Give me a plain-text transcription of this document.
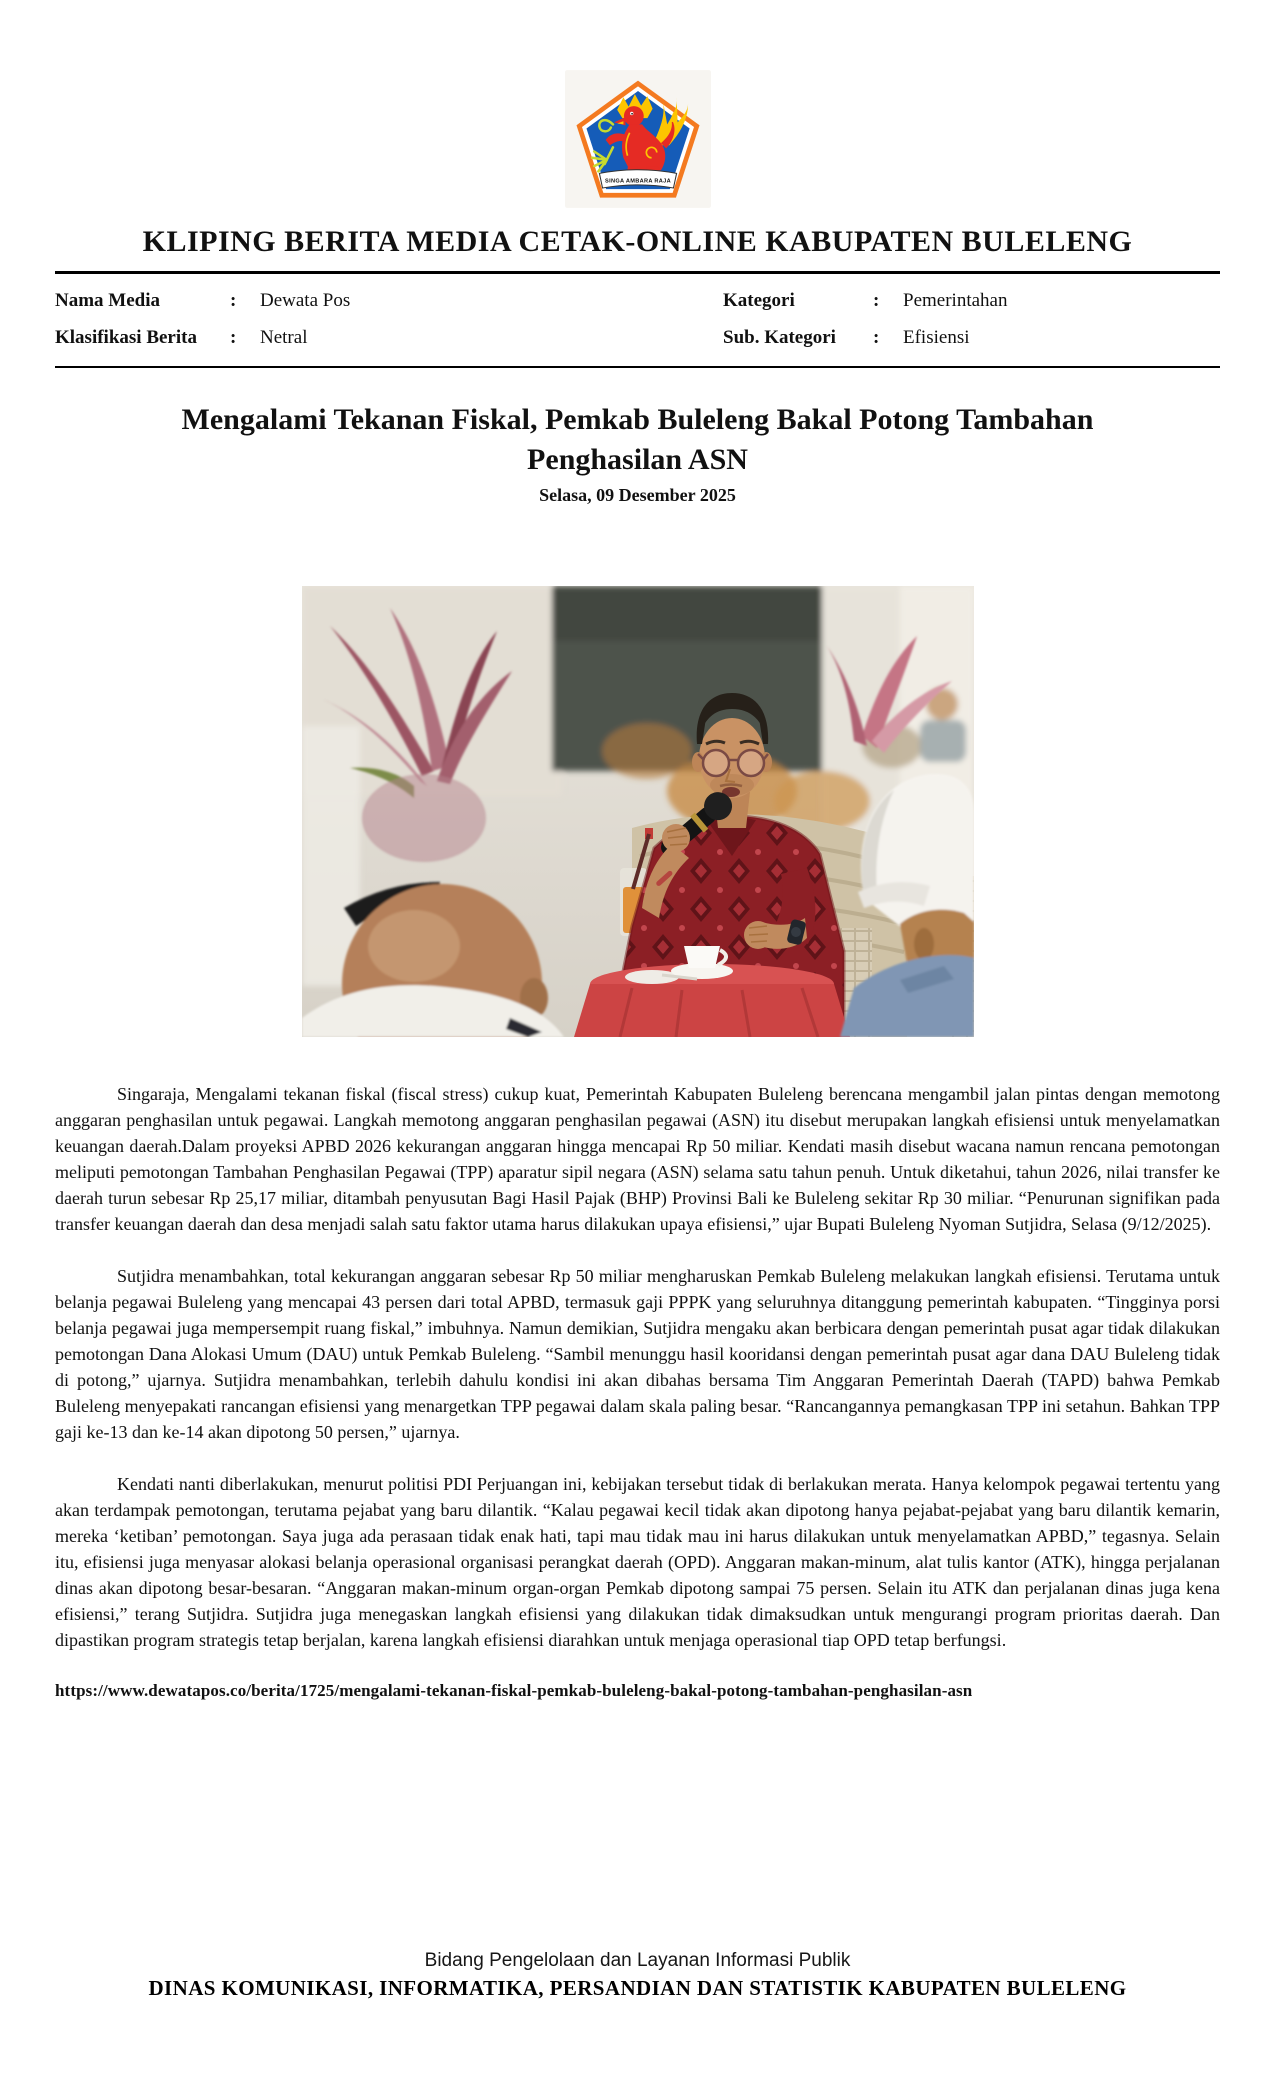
SINGA AMBARA RAJA
KLIPING BERITA MEDIA CETAK-ONLINE KABUPATEN BULELENG
Nama Media	:	Dewata Pos
Klasifikasi Berita	:	Netral
Kategori	:	Pemerintahan
Sub. Kategori	:	Efisiensi
Mengalami Tekanan Fiskal, Pemkab Buleleng Bakal Potong Tambahan
Penghasilan ASN
Selasa, 09 Desember 2025

Singaraja, Mengalami tekanan fiskal (fiscal stress) cukup kuat, Pemerintah Kabupaten Buleleng berencana mengambil jalan pintas dengan memotong anggaran penghasilan untuk pegawai. Langkah memotong anggaran penghasilan pegawai (ASN) itu disebut merupakan langkah efisiensi untuk menyelamatkan keuangan daerah.Dalam proyeksi APBD 2026 kekurangan anggaran hingga mencapai Rp 50 miliar. Kendati masih disebut wacana namun rencana pemotongan meliputi pemotongan Tambahan Penghasilan Pegawai (TPP) aparatur sipil negara (ASN) selama satu tahun penuh. Untuk diketahui, tahun 2026, nilai transfer ke daerah turun sebesar Rp 25,17 miliar, ditambah penyusutan Bagi Hasil Pajak (BHP) Provinsi Bali ke Buleleng sekitar Rp 30 miliar. “Penurunan signifikan pada transfer keuangan daerah dan desa menjadi salah satu faktor utama harus dilakukan upaya efisiensi,” ujar Bupati Buleleng Nyoman Sutjidra, Selasa (9/12/2025).

Sutjidra menambahkan, total kekurangan anggaran sebesar Rp 50 miliar mengharuskan Pemkab Buleleng melakukan langkah efisiensi. Terutama untuk belanja pegawai Buleleng yang mencapai 43 persen dari total APBD, termasuk gaji PPPK yang seluruhnya ditanggung pemerintah kabupaten. “Tingginya porsi belanja pegawai juga mempersempit ruang fiskal,” imbuhnya. Namun demikian, Sutjidra mengaku akan berbicara dengan pemerintah pusat agar tidak dilakukan pemotongan Dana Alokasi Umum (DAU) untuk Pemkab Buleleng. “Sambil menunggu hasil kooridansi dengan pemerintah pusat agar dana DAU Buleleng tidak di potong,” ujarnya. Sutjidra menambahkan, terlebih dahulu kondisi ini akan dibahas bersama Tim Anggaran Pemerintah Daerah (TAPD) bahwa Pemkab Buleleng menyepakati rancangan efisiensi yang menargetkan TPP pegawai dalam skala paling besar. “Rancangannya pemangkasan TPP ini setahun. Bahkan TPP gaji ke-13 dan ke-14 akan dipotong 50 persen,” ujarnya.

Kendati nanti diberlakukan, menurut politisi PDI Perjuangan ini, kebijakan tersebut tidak di berlakukan merata. Hanya kelompok pegawai tertentu yang akan terdampak pemotongan, terutama pejabat yang baru dilantik. “Kalau pegawai kecil tidak akan dipotong hanya pejabat-pejabat yang baru dilantik kemarin, mereka ‘ketiban’ pemotongan. Saya juga ada perasaan tidak enak hati, tapi mau tidak mau ini harus dilakukan untuk menyelamatkan APBD,” tegasnya. Selain itu, efisiensi juga menyasar alokasi belanja operasional organisasi perangkat daerah (OPD). Anggaran makan-minum, alat tulis kantor (ATK), hingga perjalanan dinas akan dipotong besar-besaran. “Anggaran makan-minum organ-organ Pemkab dipotong sampai 75 persen. Selain itu ATK dan perjalanan dinas juga kena efisiensi,” terang Sutjidra. Sutjidra juga menegaskan langkah efisiensi yang dilakukan tidak dimaksudkan untuk mengurangi program prioritas daerah. Dan dipastikan program strategis tetap berjalan, karena langkah efisiensi diarahkan untuk menjaga operasional tiap OPD tetap berfungsi.

https://www.dewatapos.co/berita/1725/mengalami-tekanan-fiskal-pemkab-buleleng-bakal-potong-tambahan-penghasilan-asn
Bidang Pengelolaan dan Layanan Informasi Publik
DINAS KOMUNIKASI, INFORMATIKA, PERSANDIAN DAN STATISTIK KABUPATEN BULELENG
